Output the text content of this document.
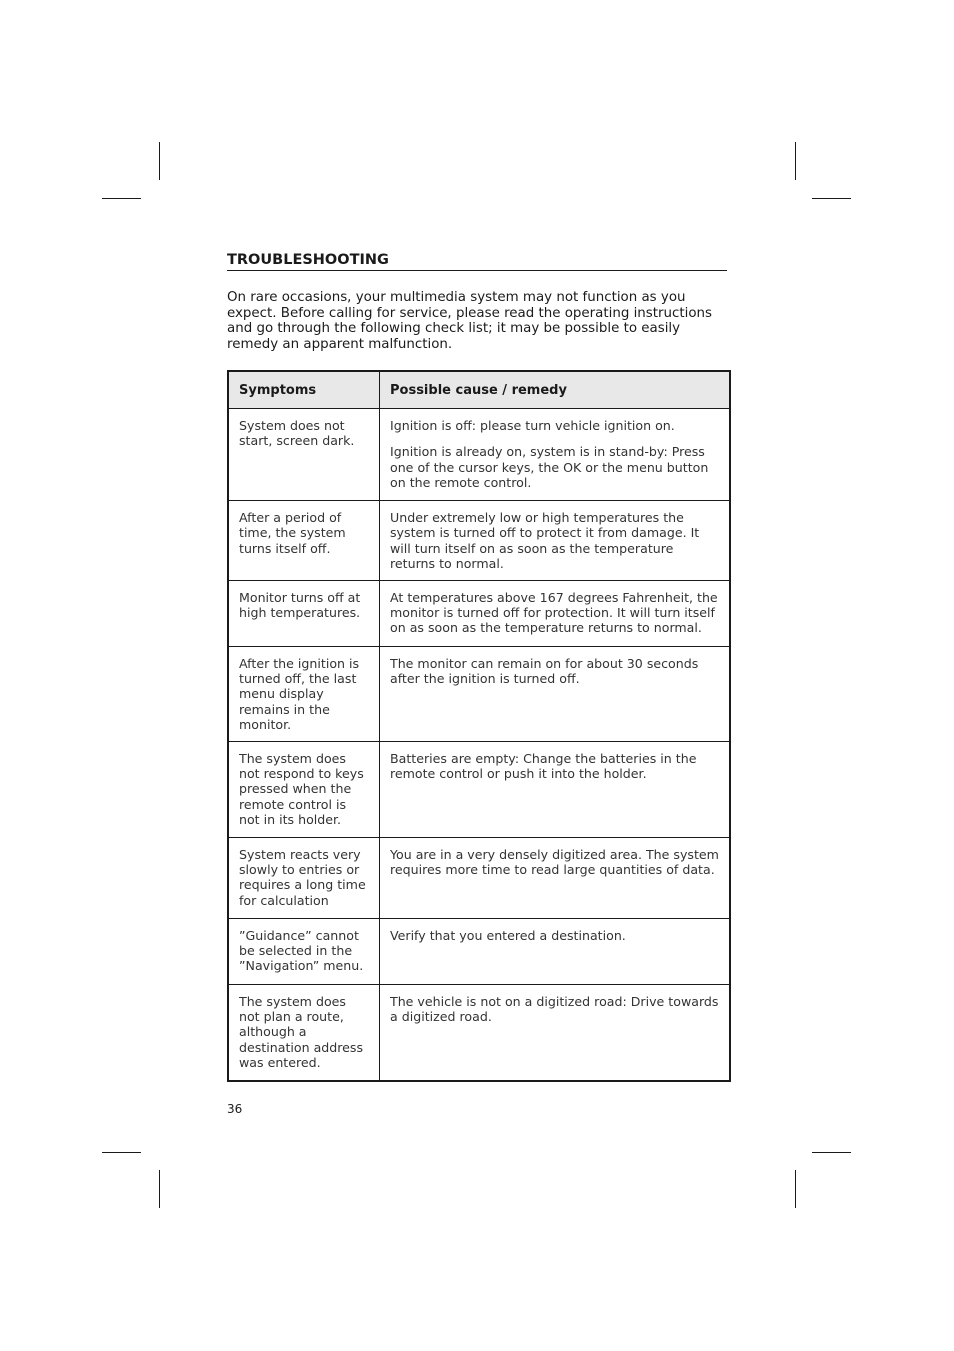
TROUBLESHOOTING
On rare occasions, your multimedia system may not function as you expect. Before calling for service, please read the operating instructions and go through the following check list; it may be possible to easily remedy an apparent malfunction.
Symptoms	Possible cause / remedy
System does not start, screen dark.	Ignition is off: please turn vehicle ignition on.

Ignition is already on, system is in stand-by: Press one of the cursor keys, the OK or the menu button on the remote control.

After a period of time, the system turns itself off.	Under extremely low or high temperatures the system is turned off to protect it from damage. It will turn itself on as soon as the temperature returns to normal.

Monitor turns off at high temperatures.	At temperatures above 167 degrees Fahrenheit, the monitor is turned off for protection. It will turn itself on as soon as the temperature returns to normal.

After the ignition is turned off, the last menu display remains in the monitor.	The monitor can remain on for about 30 seconds after the ignition is turned off.

The system does not respond to keys pressed when the remote control is not in its holder.	Batteries are empty: Change the batteries in the remote control or push it into the holder.

System reacts very slowly to entries or requires a long time for calculation	You are in a very densely digitized area. The system requires more time to read large quantities of data.

”Guidance” cannot be selected in the ”Navigation” menu.	Verify that you entered a destination.

The system does not plan a route, although a destination address was entered.	The vehicle is not on a digitized road: Drive towards a digitized road.

36
